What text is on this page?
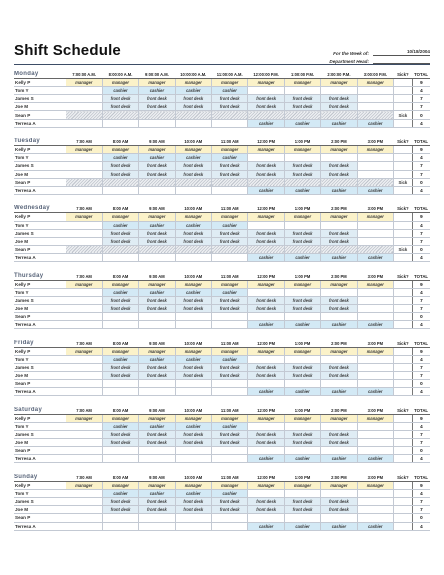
Shift Schedule	For the Week of:	10/18/2004
Department Head:
Monday	7:00:00 A.M.	8:00:00 A.M.	9:00:00 A.M.	10:00:00 A.M.	11:00:00 A.M.	12:00:00 P.M.	1:00:00 P.M.	2:00:00 P.M.	3:00:00 P.M.	Sick?	TOTAL
Kelly P	manager	manager	manager	manager	manager	manager	manager	manager	manager		9
Tom Y		cashier	cashier	cashier	cashier						4
James S		front desk	front desk	front desk	front desk	front desk	front desk	front desk			7
Joe M		front desk	front desk	front desk	front desk	front desk	front desk	front desk			7
Sean P										Sick	0
Terresa A						cashier	cashier	cashier	cashier		4
Tuesday	7:00 AM	8:00 AM	9:00 AM	10:00 AM	11:00 AM	12:00 PM	1:00 PM	2:00 PM	3:00 PM	Sick?	TOTAL
Kelly P	manager	manager	manager	manager	manager	manager	manager	manager	manager		9
Tom Y		cashier	cashier	cashier	cashier						4
James S		front desk	front desk	front desk	front desk	front desk	front desk	front desk			7
Joe M		front desk	front desk	front desk	front desk	front desk	front desk	front desk			7
Sean P										Sick	0
Terresa A						cashier	cashier	cashier	cashier		4
Wednesday	7:00 AM	8:00 AM	9:00 AM	10:00 AM	11:00 AM	12:00 PM	1:00 PM	2:00 PM	3:00 PM	Sick?	TOTAL
Kelly P	manager	manager	manager	manager	manager	manager	manager	manager	manager		9
Tom Y		cashier	cashier	cashier	cashier						4
James S		front desk	front desk	front desk	front desk	front desk	front desk	front desk			7
Joe M		front desk	front desk	front desk	front desk	front desk	front desk	front desk			7
Sean P										Sick	0
Terresa A						cashier	cashier	cashier	cashier		4
Thursday	7:00 AM	8:00 AM	9:00 AM	10:00 AM	11:00 AM	12:00 PM	1:00 PM	2:00 PM	3:00 PM	Sick?	TOTAL
Kelly P	manager	manager	manager	manager	manager	manager	manager	manager	manager		9
Tom Y		cashier	cashier	cashier	cashier						4
James S		front desk	front desk	front desk	front desk	front desk	front desk	front desk			7
Joe M		front desk	front desk	front desk	front desk	front desk	front desk	front desk			7
Sean P											0
Terresa A						cashier	cashier	cashier	cashier		4
Friday	7:00 AM	8:00 AM	9:00 AM	10:00 AM	11:00 AM	12:00 PM	1:00 PM	2:00 PM	3:00 PM	Sick?	TOTAL
Kelly P	manager	manager	manager	manager	manager	manager	manager	manager	manager		9
Tom Y		cashier	cashier	cashier	cashier						4
James S		front desk	front desk	front desk	front desk	front desk	front desk	front desk			7
Joe M		front desk	front desk	front desk	front desk	front desk	front desk	front desk			7
Sean P											0
Terresa A						cashier	cashier	cashier	cashier		4
Saturday	7:00 AM	8:00 AM	9:00 AM	10:00 AM	11:00 AM	12:00 PM	1:00 PM	2:00 PM	3:00 PM	Sick?	TOTAL
Kelly P	manager	manager	manager	manager	manager	manager	manager	manager	manager		9
Tom Y		cashier	cashier	cashier	cashier						4
James S		front desk	front desk	front desk	front desk	front desk	front desk	front desk			7
Joe M		front desk	front desk	front desk	front desk	front desk	front desk	front desk			7
Sean P											0
Terresa A						cashier	cashier	cashier	cashier		4
Sunday	7:00 AM	8:00 AM	9:00 AM	10:00 AM	11:00 AM	12:00 PM	1:00 PM	2:00 PM	3:00 PM	Sick?	TOTAL
Kelly P	manager	manager	manager	manager	manager	manager	manager	manager	manager		9
Tom Y		cashier	cashier	cashier	cashier						4
James S		front desk	front desk	front desk	front desk	front desk	front desk	front desk			7
Joe M		front desk	front desk	front desk	front desk	front desk	front desk	front desk			7
Sean P											0
Terresa A						cashier	cashier	cashier	cashier		4
